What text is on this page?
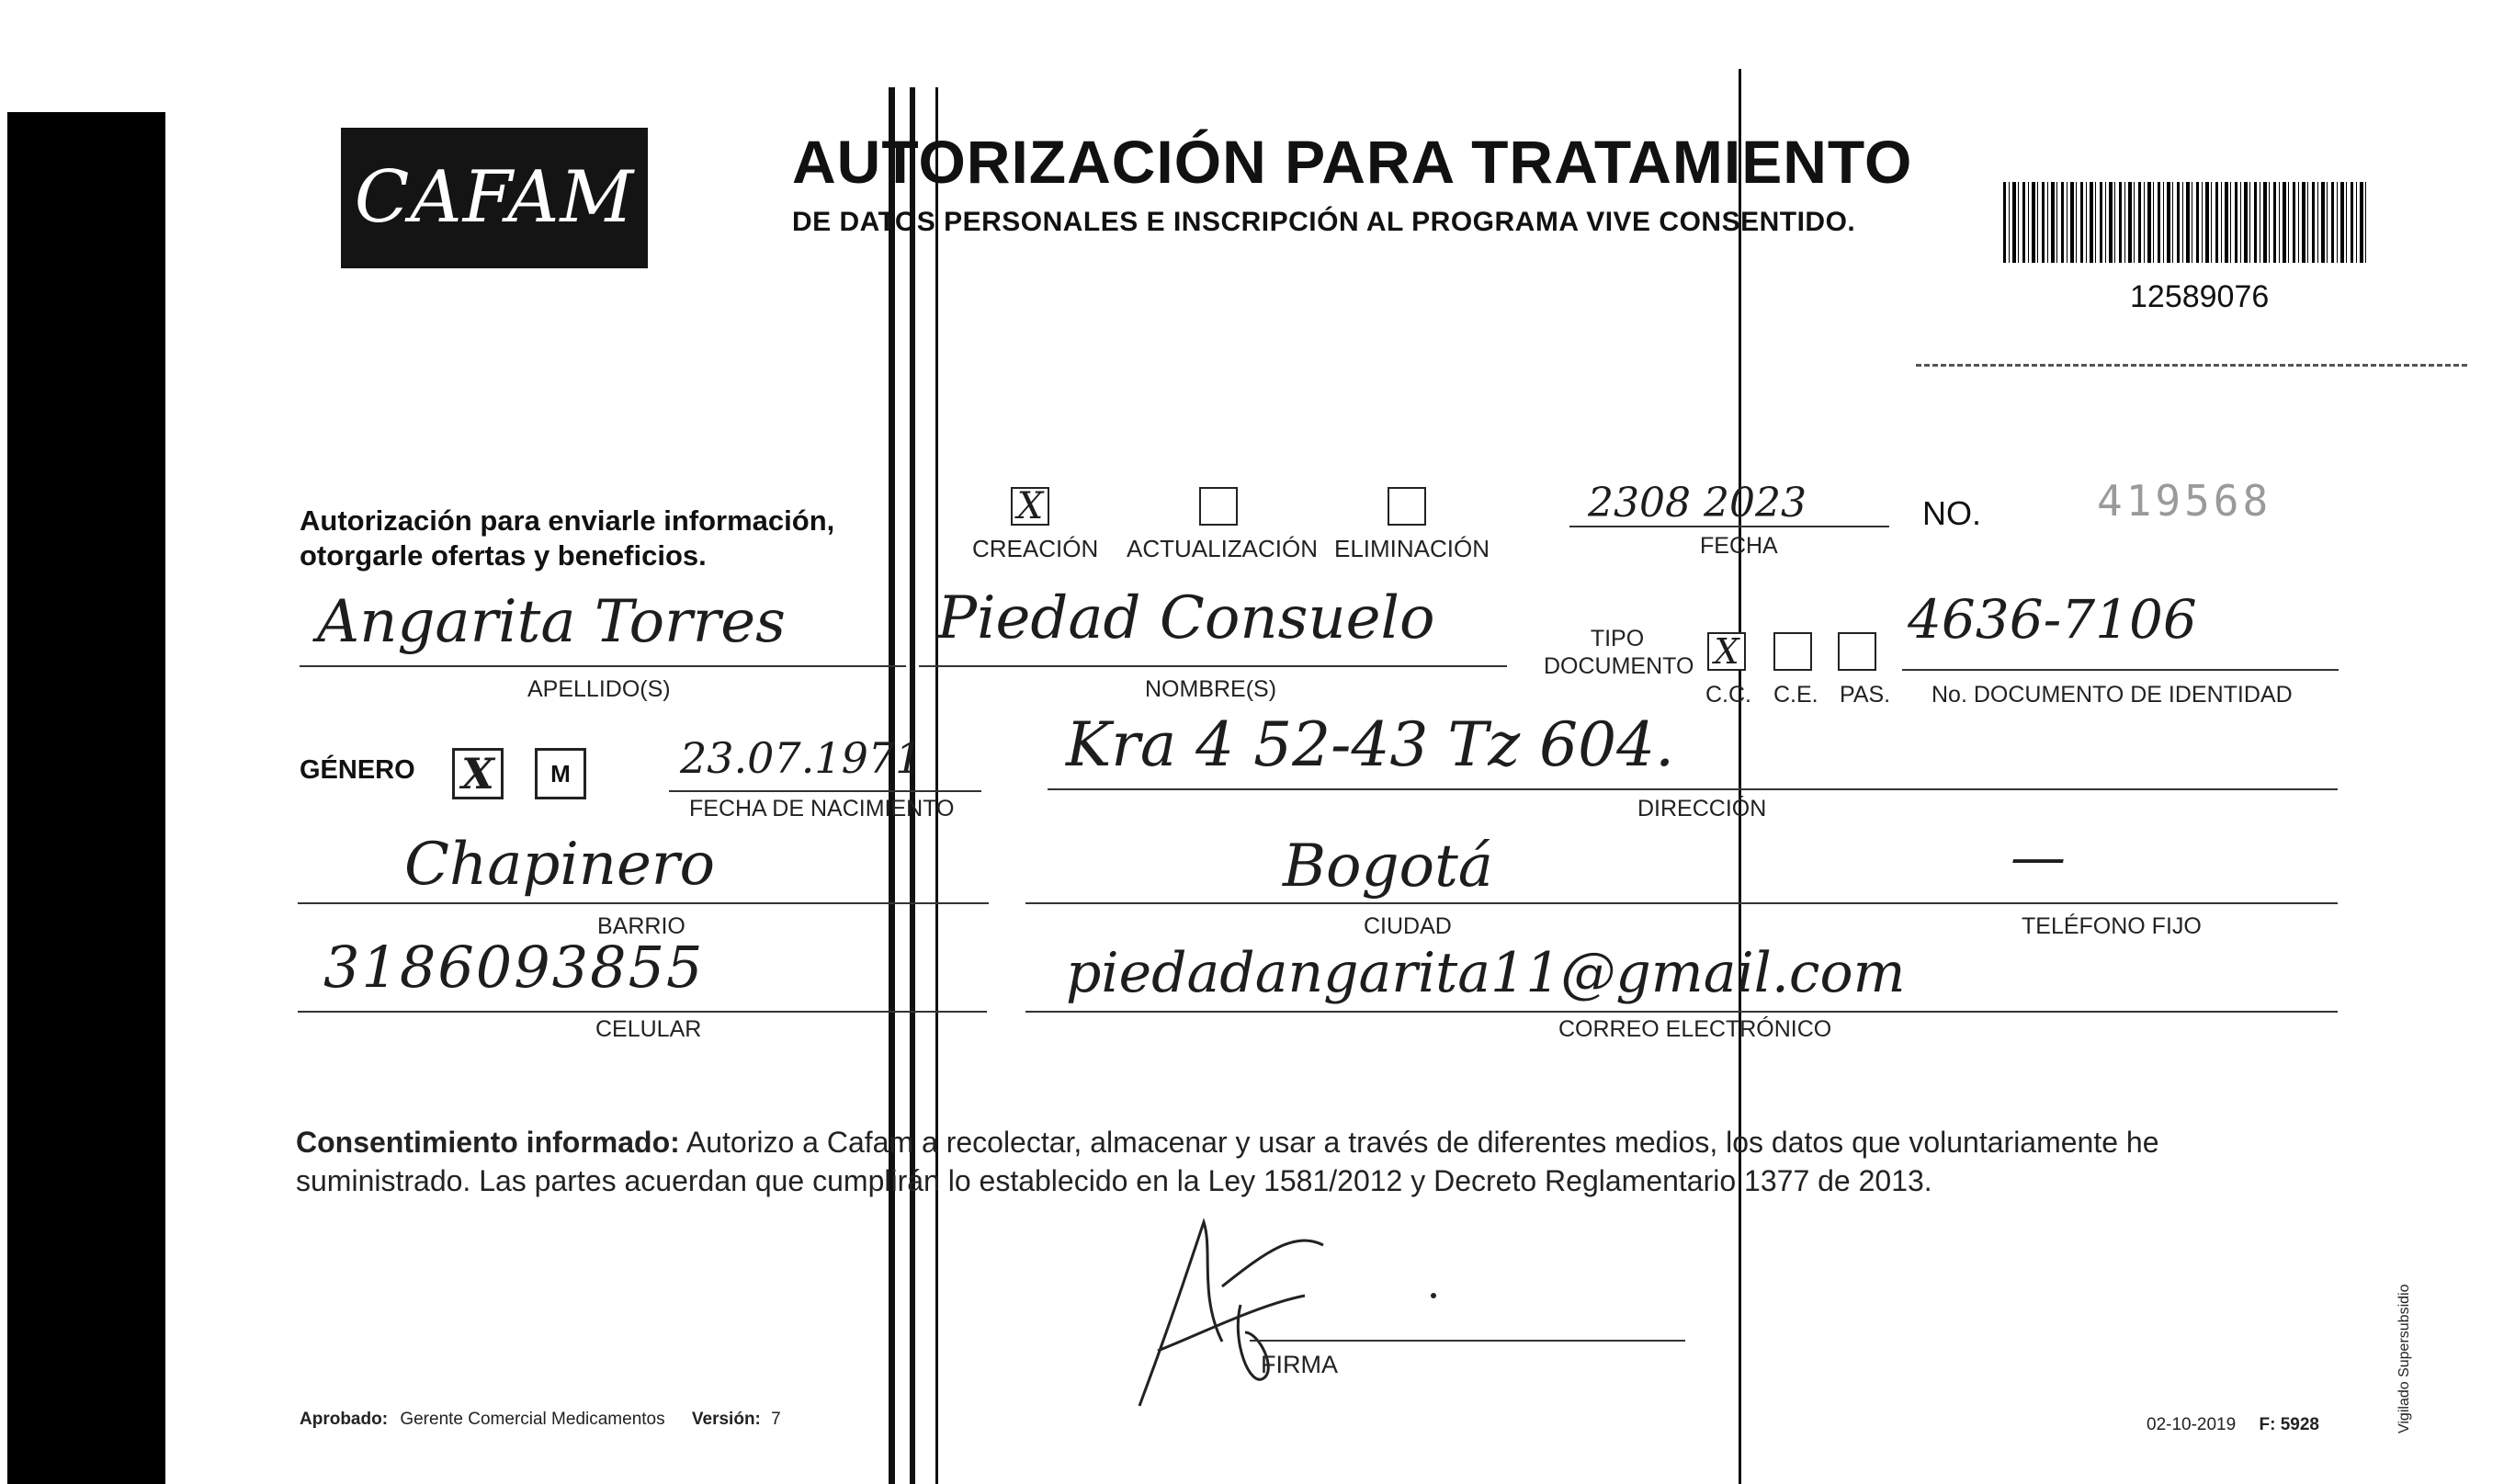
CAFAM	AUTORIZACIÓN PARA TRATAMIENTO
DE DATOS PERSONALES E INSCRIPCIÓN AL PROGRAMA VIVE CONSENTIDO.
12589076
Autorización para enviarle información, otorgarle ofertas y beneficios.
X
CREACIÓN ACTUALIZACIÓN ELIMINACIÓN
2308 2023
FECHA
NO.	419568
Angarita Torres
APELLIDO(S)
Piedad Consuelo
NOMBRE(S)
TIPO DOCUMENTO X
C.C. C.E. PAS.
4636-7106
No. DOCUMENTO DE IDENTIDAD
GÉNERO X	M	23.07.1971
FECHA DE NACIMIENTO
Kra 4 52-43 Tz 604.
DIRECCIÓN
Chapinero
BARRIO
Bogotá
CIUDAD
—
TELÉFONO FIJO
3186093855
CELULAR
piedadangarita11@gmail.com
CORREO ELECTRÓNICO
Consentimiento informado: Autorizo a Cafam a recolectar, almacenar y usar a través de diferentes medios, los datos que voluntariamente he suministrado. Las partes acuerdan que cumplirán lo establecido en la Ley 1581/2012 y Decreto Reglamentario 1377 de 2013.
FIRMA
Aprobado: Gerente Comercial Medicamentos Versión: 7	02-10-2019 F: 5928	Vigilado Supersubsidio
